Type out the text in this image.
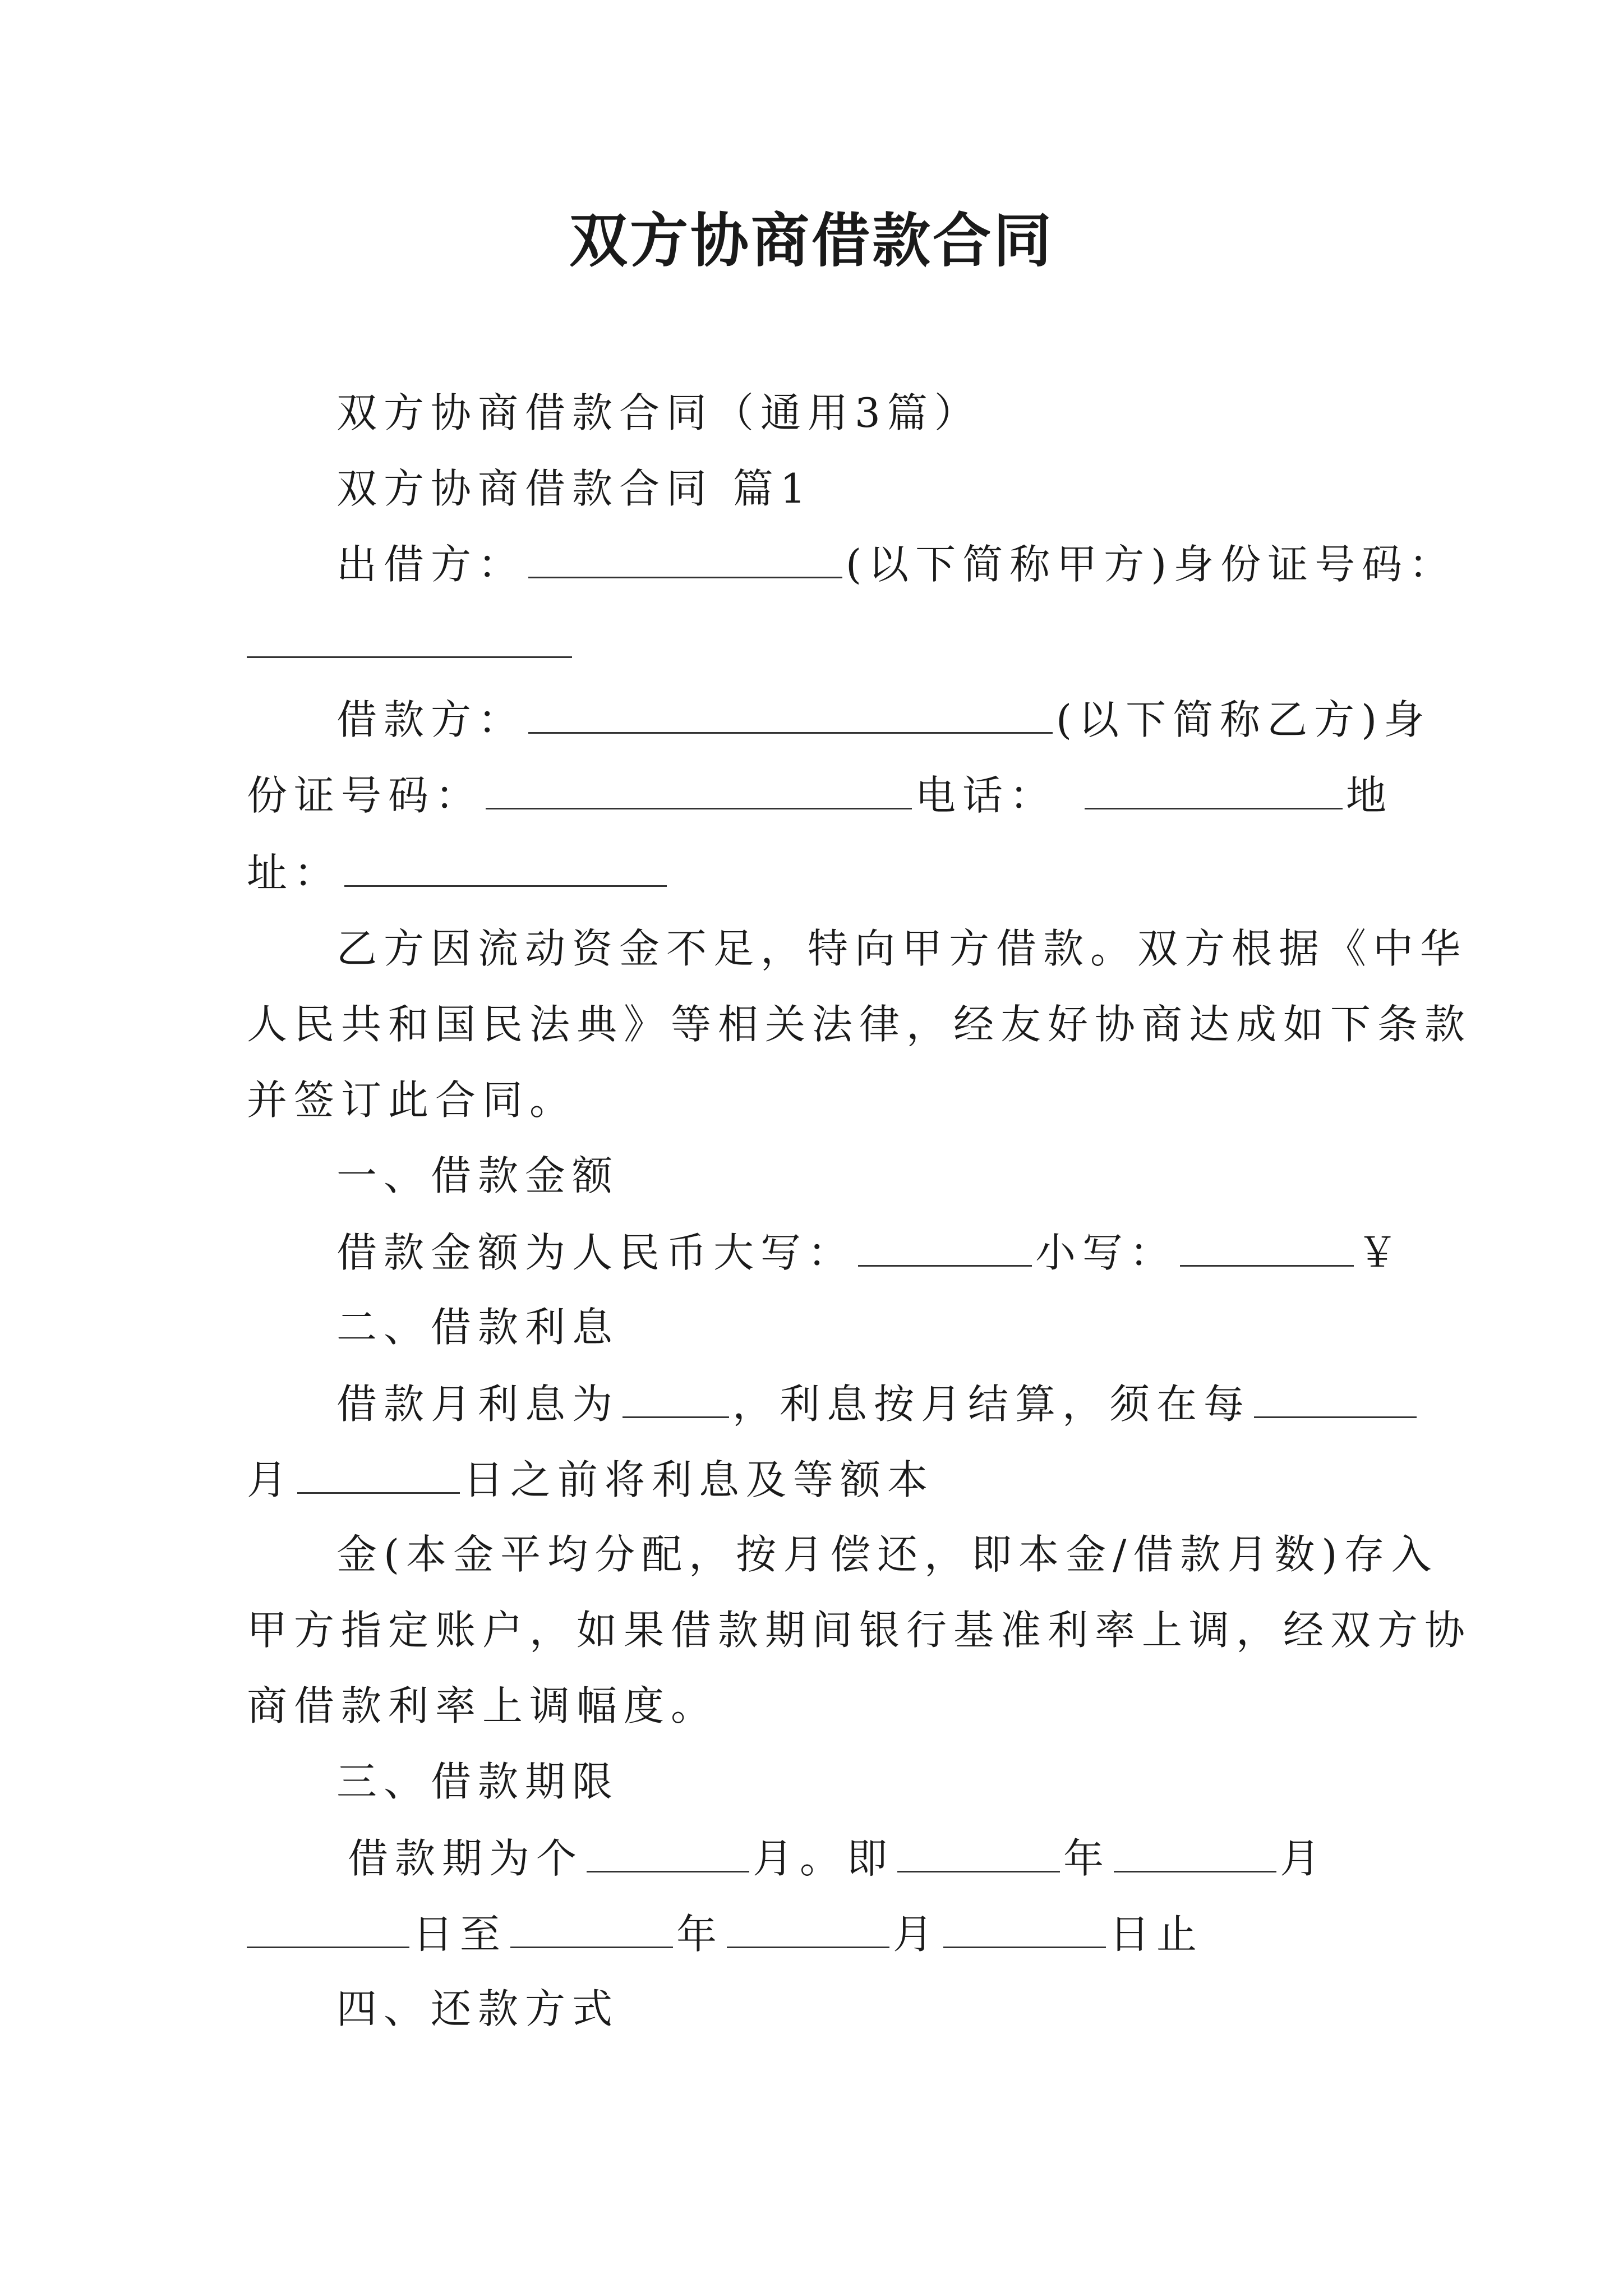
双方协商借款合同
双方协商借款合同（通用3篇）
双方协商借款合同 篇1
出借方：	(以下简称甲方)身份证号码：
借款方：	(以下简称乙方)身
份证号码：	电话：	地
址：
乙方因流动资金不足，特向甲方借款。双方根据《中华
人民共和国民法典》等相关法律，经友好协商达成如下条款
并签订此合同。
一、借款金额
借款金额为人民币大写：	小写：	￥
二、借款利息
借款月利息为	，利息按月结算，须在每
月	日之前将利息及等额本
金(本金平均分配，按月偿还，即本金/借款月数)存入
甲方指定账户，如果借款期间银行基准利率上调，经双方协
商借款利率上调幅度。
三、借款期限
借款期为个	月。即	年	月
日至	年	月	日止
四、还款方式
